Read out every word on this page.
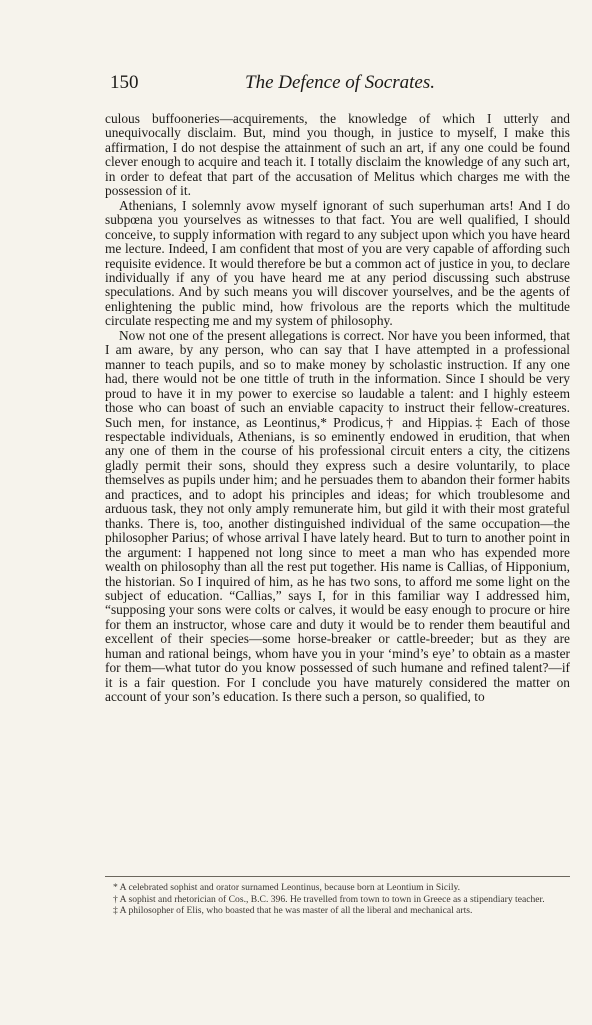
150	The Defence of Socrates.

culous buffooneries—acquirements, the knowledge of which I utterly and unequivocally disclaim. But, mind you though, in justice to myself, I make this affirmation, I do not despise the attainment of such an art, if any one could be found clever enough to acquire and teach it. I totally disclaim the knowledge of any such art, in order to defeat that part of the accusation of Melitus which charges me with the possession of it.

Athenians, I solemnly avow myself ignorant of such superhuman arts! And I do subpœna you yourselves as witnesses to that fact. You are well qualified, I should conceive, to supply information with regard to any subject upon which you have heard me lecture. Indeed, I am confident that most of you are very capable of affording such requisite evidence. It would therefore be but a common act of justice in you, to declare individually if any of you have heard me at any period discussing such abstruse speculations. And by such means you will discover yourselves, and be the agents of enlightening the public mind, how frivolous are the reports which the multitude circulate respecting me and my system of philosophy.

Now not one of the present allegations is correct. Nor have you been informed, that I am aware, by any person, who can say that I have attempted in a professional manner to teach pupils, and so to make money by scholastic instruction. If any one had, there would not be one tittle of truth in the information. Since I should be very proud to have it in my power to exercise so laudable a talent: and I highly esteem those who can boast of such an enviable capacity to instruct their fellow-creatures. Such men, for instance, as Leontinus,* Prodicus,† and Hippias.‡ Each of those respectable individuals, Athenians, is so eminently endowed in erudition, that when any one of them in the course of his professional circuit enters a city, the citizens gladly permit their sons, should they express such a desire voluntarily, to place themselves as pupils under him; and he persuades them to abandon their former habits and practices, and to adopt his principles and ideas; for which troublesome and arduous task, they not only amply remunerate him, but gild it with their most grateful thanks. There is, too, another distinguished individual of the same occupation—the philosopher Parius; of whose arrival I have lately heard. But to turn to another point in the argument: I happened not long since to meet a man who has expended more wealth on philosophy than all the rest put together. His name is Callias, of Hipponium, the historian. So I inquired of him, as he has two sons, to afford me some light on the subject of education. “Callias,” says I, for in this familiar way I addressed him, “supposing your sons were colts or calves, it would be easy enough to procure or hire for them an instructor, whose care and duty it would be to render them beautiful and excellent of their species—some horse-breaker or cattle-breeder; but as they are human and rational beings, whom have you in your ‘mind’s eye’ to obtain as a master for them—what tutor do you know possessed of such humane and refined talent?—if it is a fair question. For I conclude you have maturely considered the matter on account of your son’s education. Is there such a person, so qualified, to

* A celebrated sophist and orator surnamed Leontinus, because born at Leontium in Sicily.

† A sophist and rhetorician of Cos., B.C. 396. He travelled from town to town in Greece as a stipendiary teacher.

‡ A philosopher of Elis, who boasted that he was master of all the liberal and mechanical arts.
